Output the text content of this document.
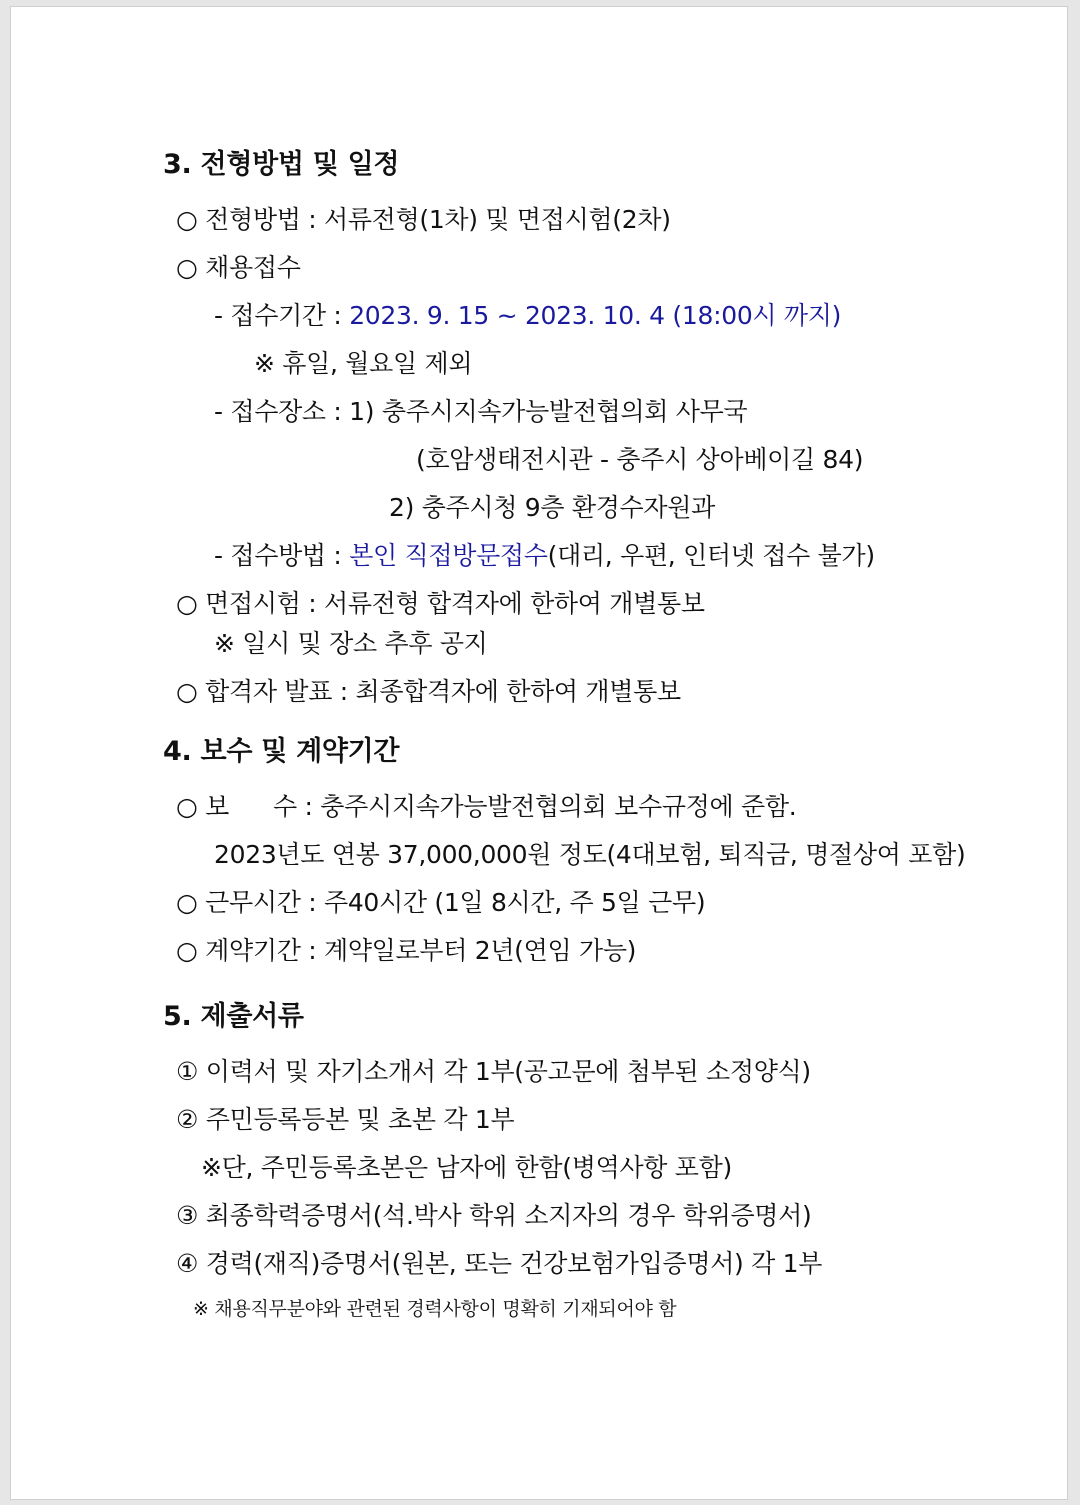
3. 전형방법 및 일정
○ 전형방법 : 서류전형(1차) 및 면접시험(2차)
○ 채용접수
- 접수기간 : 2023. 9. 15 ~ 2023. 10. 4 (18:00시 까지)
※ 휴일, 월요일 제외
- 접수장소 : 1) 충주시지속가능발전협의회 사무국
(호암생태전시관 - 충주시 상아베이길 84)
2) 충주시청 9층 환경수자원과
- 접수방법 : 본인 직접방문접수(대리, 우편, 인터넷 접수 불가)
○ 면접시험 : 서류전형 합격자에 한하여 개별통보
※ 일시 및 장소 추후 공지
○ 합격자 발표 : 최종합격자에 한하여 개별통보
4. 보수 및 계약기간
○ 보 수 : 충주시지속가능발전협의회 보수규정에 준함.
2023년도 연봉 37,000,000원 정도(4대보험, 퇴직금, 명절상여 포함)
○ 근무시간 : 주40시간 (1일 8시간, 주 5일 근무)
○ 계약기간 : 계약일로부터 2년(연임 가능)
5. 제출서류
① 이력서 및 자기소개서 각 1부(공고문에 첨부된 소정양식)
② 주민등록등본 및 초본 각 1부
※단, 주민등록초본은 남자에 한함(병역사항 포함)
③ 최종학력증명서(석.박사 학위 소지자의 경우 학위증명서)
④ 경력(재직)증명서(원본, 또는 건강보험가입증명서) 각 1부
※ 채용직무분야와 관련된 경력사항이 명확히 기재되어야 함
